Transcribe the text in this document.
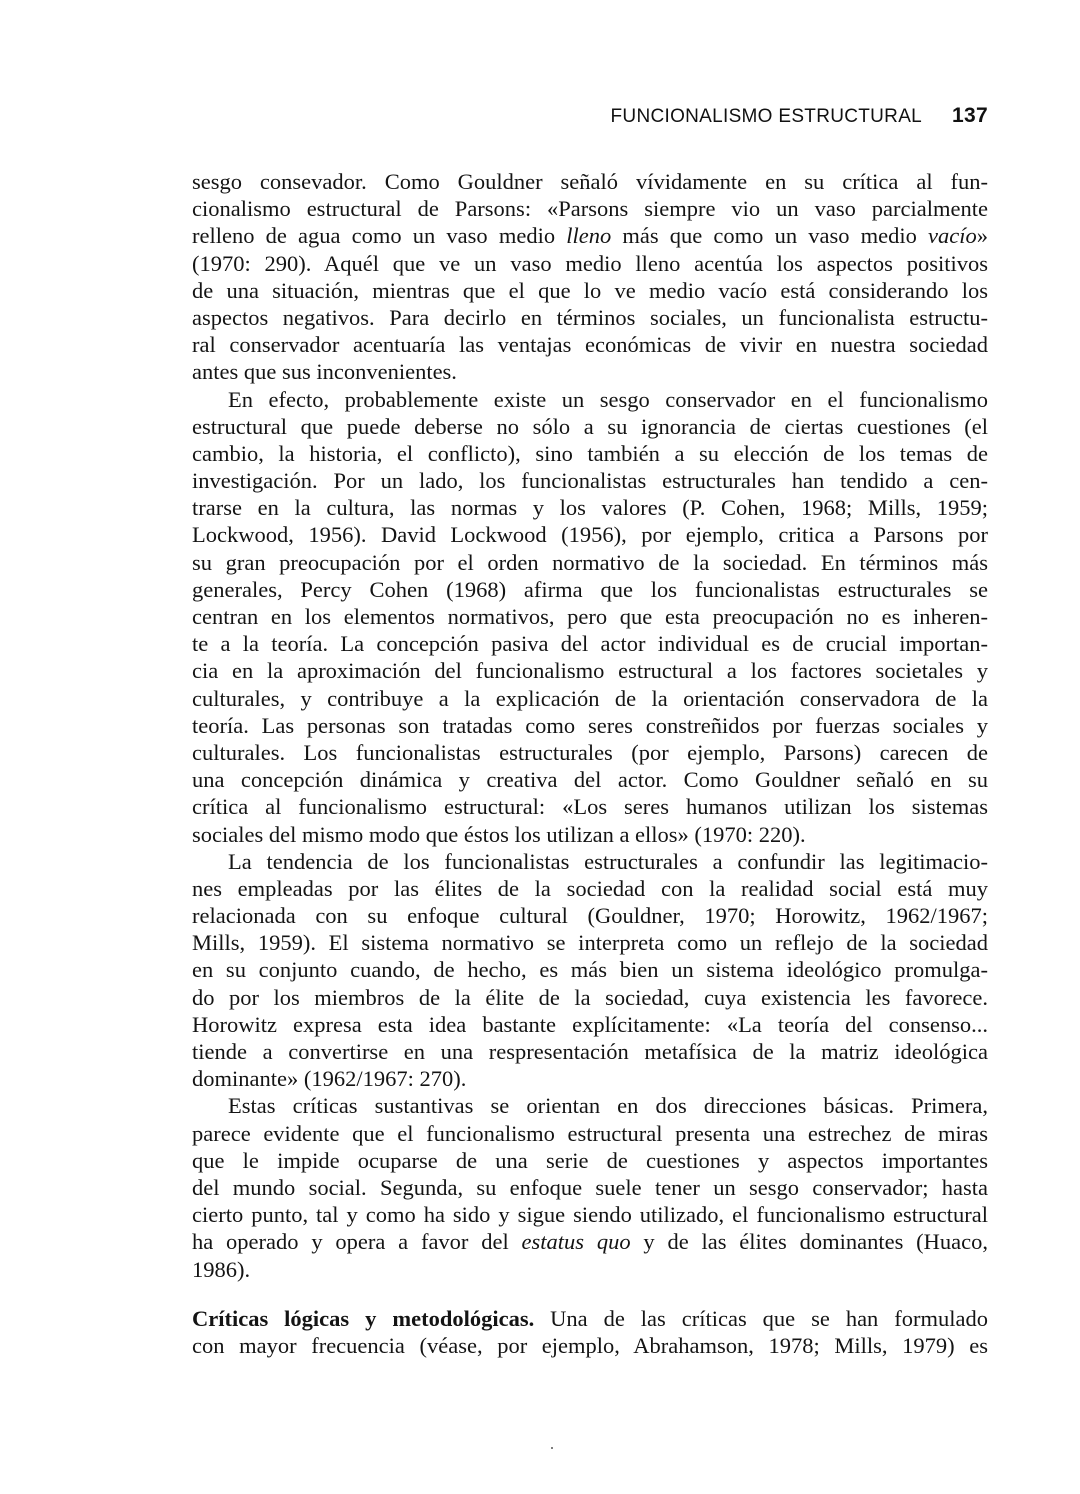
FUNCIONALISMO ESTRUCTURAL 137
sesgo consevador. Como Gouldner señaló vívidamente en su crítica al fun-
cionalismo estructural de Parsons: «Parsons siempre vio un vaso parcialmente
relleno de agua como un vaso medio lleno más que como un vaso medio vacío»
(1970: 290). Aquél que ve un vaso medio lleno acentúa los aspectos positivos
de una situación, mientras que el que lo ve medio vacío está considerando los
aspectos negativos. Para decirlo en términos sociales, un funcionalista estructu-
ral conservador acentuaría las ventajas económicas de vivir en nuestra sociedad
antes que sus inconvenientes.
En efecto, probablemente existe un sesgo conservador en el funcionalismo
estructural que puede deberse no sólo a su ignorancia de ciertas cuestiones (el
cambio, la historia, el conflicto), sino también a su elección de los temas de
investigación. Por un lado, los funcionalistas estructurales han tendido a cen-
trarse en la cultura, las normas y los valores (P. Cohen, 1968; Mills, 1959;
Lockwood, 1956). David Lockwood (1956), por ejemplo, critica a Parsons por
su gran preocupación por el orden normativo de la sociedad. En términos más
generales, Percy Cohen (1968) afirma que los funcionalistas estructurales se
centran en los elementos normativos, pero que esta preocupación no es inheren-
te a la teoría. La concepción pasiva del actor individual es de crucial importan-
cia en la aproximación del funcionalismo estructural a los factores societales y
culturales, y contribuye a la explicación de la orientación conservadora de la
teoría. Las personas son tratadas como seres constreñidos por fuerzas sociales y
culturales. Los funcionalistas estructurales (por ejemplo, Parsons) carecen de
una concepción dinámica y creativa del actor. Como Gouldner señaló en su
crítica al funcionalismo estructural: «Los seres humanos utilizan los sistemas
sociales del mismo modo que éstos los utilizan a ellos» (1970: 220).
La tendencia de los funcionalistas estructurales a confundir las legitimacio-
nes empleadas por las élites de la sociedad con la realidad social está muy
relacionada con su enfoque cultural (Gouldner, 1970; Horowitz, 1962/1967;
Mills, 1959). El sistema normativo se interpreta como un reflejo de la sociedad
en su conjunto cuando, de hecho, es más bien un sistema ideológico promulga-
do por los miembros de la élite de la sociedad, cuya existencia les favorece.
Horowitz expresa esta idea bastante explícitamente: «La teoría del consenso...
tiende a convertirse en una respresentación metafísica de la matriz ideológica
dominante» (1962/1967: 270).
Estas críticas sustantivas se orientan en dos direcciones básicas. Primera,
parece evidente que el funcionalismo estructural presenta una estrechez de miras
que le impide ocuparse de una serie de cuestiones y aspectos importantes
del mundo social. Segunda, su enfoque suele tener un sesgo conservador; hasta
cierto punto, tal y como ha sido y sigue siendo utilizado, el funcionalismo estructural
ha operado y opera a favor del estatus quo y de las élites dominantes (Huaco,
1986).
Críticas lógicas y metodológicas. Una de las críticas que se han formulado
con mayor frecuencia (véase, por ejemplo, Abrahamson, 1978; Mills, 1979) es
